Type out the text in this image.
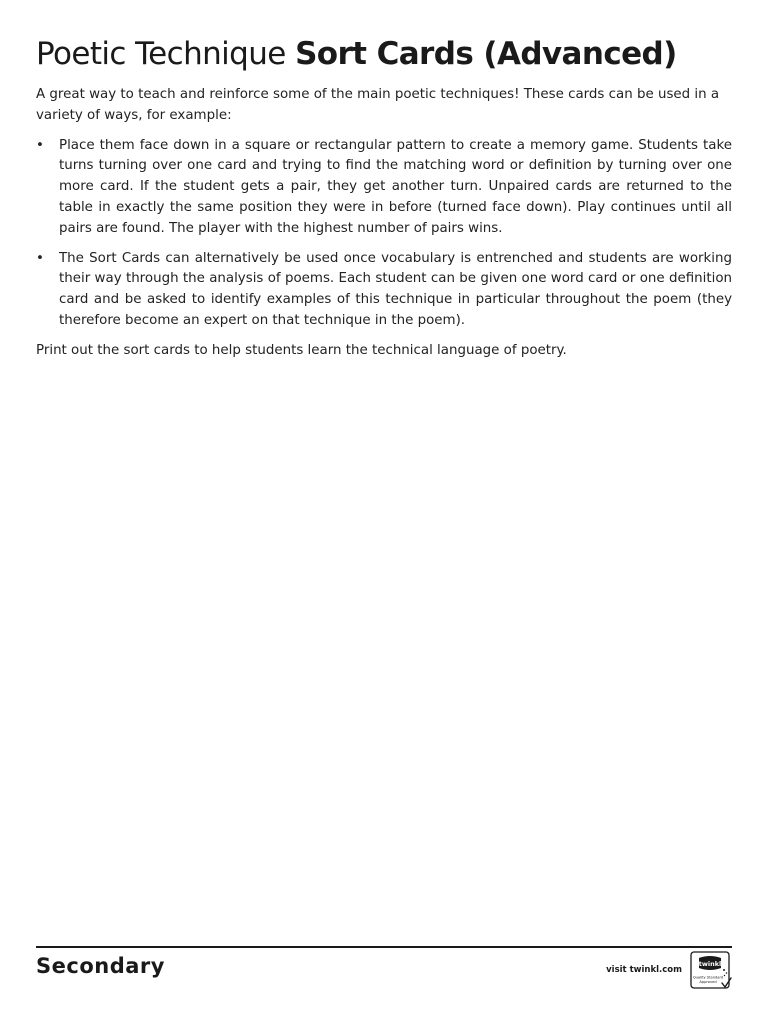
Poetic Technique Sort Cards (Advanced)

A great way to teach and reinforce some of the main poetic techniques! These cards can be used in a variety of ways, for example:

• Place them face down in a square or rectangular pattern to create a memory game. Students take turns turning over one card and trying to find the matching word or definition by turning over one more card. If the student gets a pair, they get another turn. Unpaired cards are returned to the table in exactly the same position they were in before (turned face down). Play continues until all pairs are found. The player with the highest number of pairs wins.
• The Sort Cards can alternatively be used once vocabulary is entrenched and students are working their way through the analysis of poems. Each student can be given one word card or one definition card and be asked to identify examples of this technique in particular throughout the poem (they therefore become an expert on that technique in the poem).

Print out the sort cards to help students learn the technical language of poetry.

Secondary	visit twinkl.com
twinkl
Quality Standard
Approved
